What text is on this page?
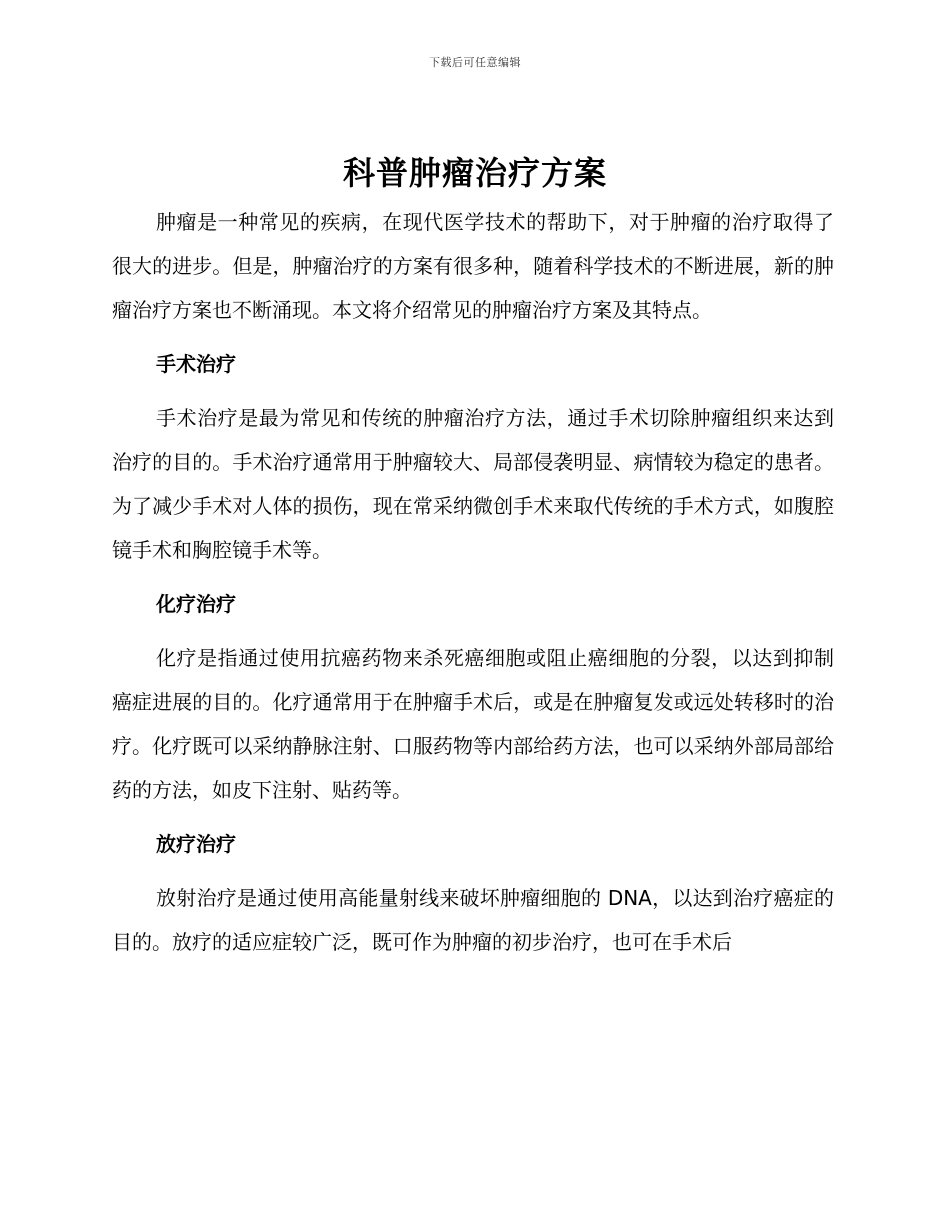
下载后可任意编辑
科普肿瘤治疗方案

肿瘤是一种常见的疾病，在现代医学技术的帮助下，对于肿瘤的治疗取得了很大的进步。但是，肿瘤治疗的方案有很多种，随着科学技术的不断进展，新的肿瘤治疗方案也不断涌现。本文将介绍常见的肿瘤治疗方案及其特点。

手术治疗

手术治疗是最为常见和传统的肿瘤治疗方法，通过手术切除肿瘤组织来达到治疗的目的。手术治疗通常用于肿瘤较大、局部侵袭明显、病情较为稳定的患者。为了减少手术对人体的损伤，现在常采纳微创手术来取代传统的手术方式，如腹腔镜手术和胸腔镜手术等。

化疗治疗

化疗是指通过使用抗癌药物来杀死癌细胞或阻止癌细胞的分裂，以达到抑制癌症进展的目的。化疗通常用于在肿瘤手术后，或是在肿瘤复发或远处转移时的治疗。化疗既可以采纳静脉注射、口服药物等内部给药方法，也可以采纳外部局部给药的方法，如皮下注射、贴药等。

放疗治疗

放射治疗是通过使用高能量射线来破坏肿瘤细胞的 DNA，以达到治疗癌症的目的。放疗的适应症较广泛，既可作为肿瘤的初步治疗，也可在手术后
